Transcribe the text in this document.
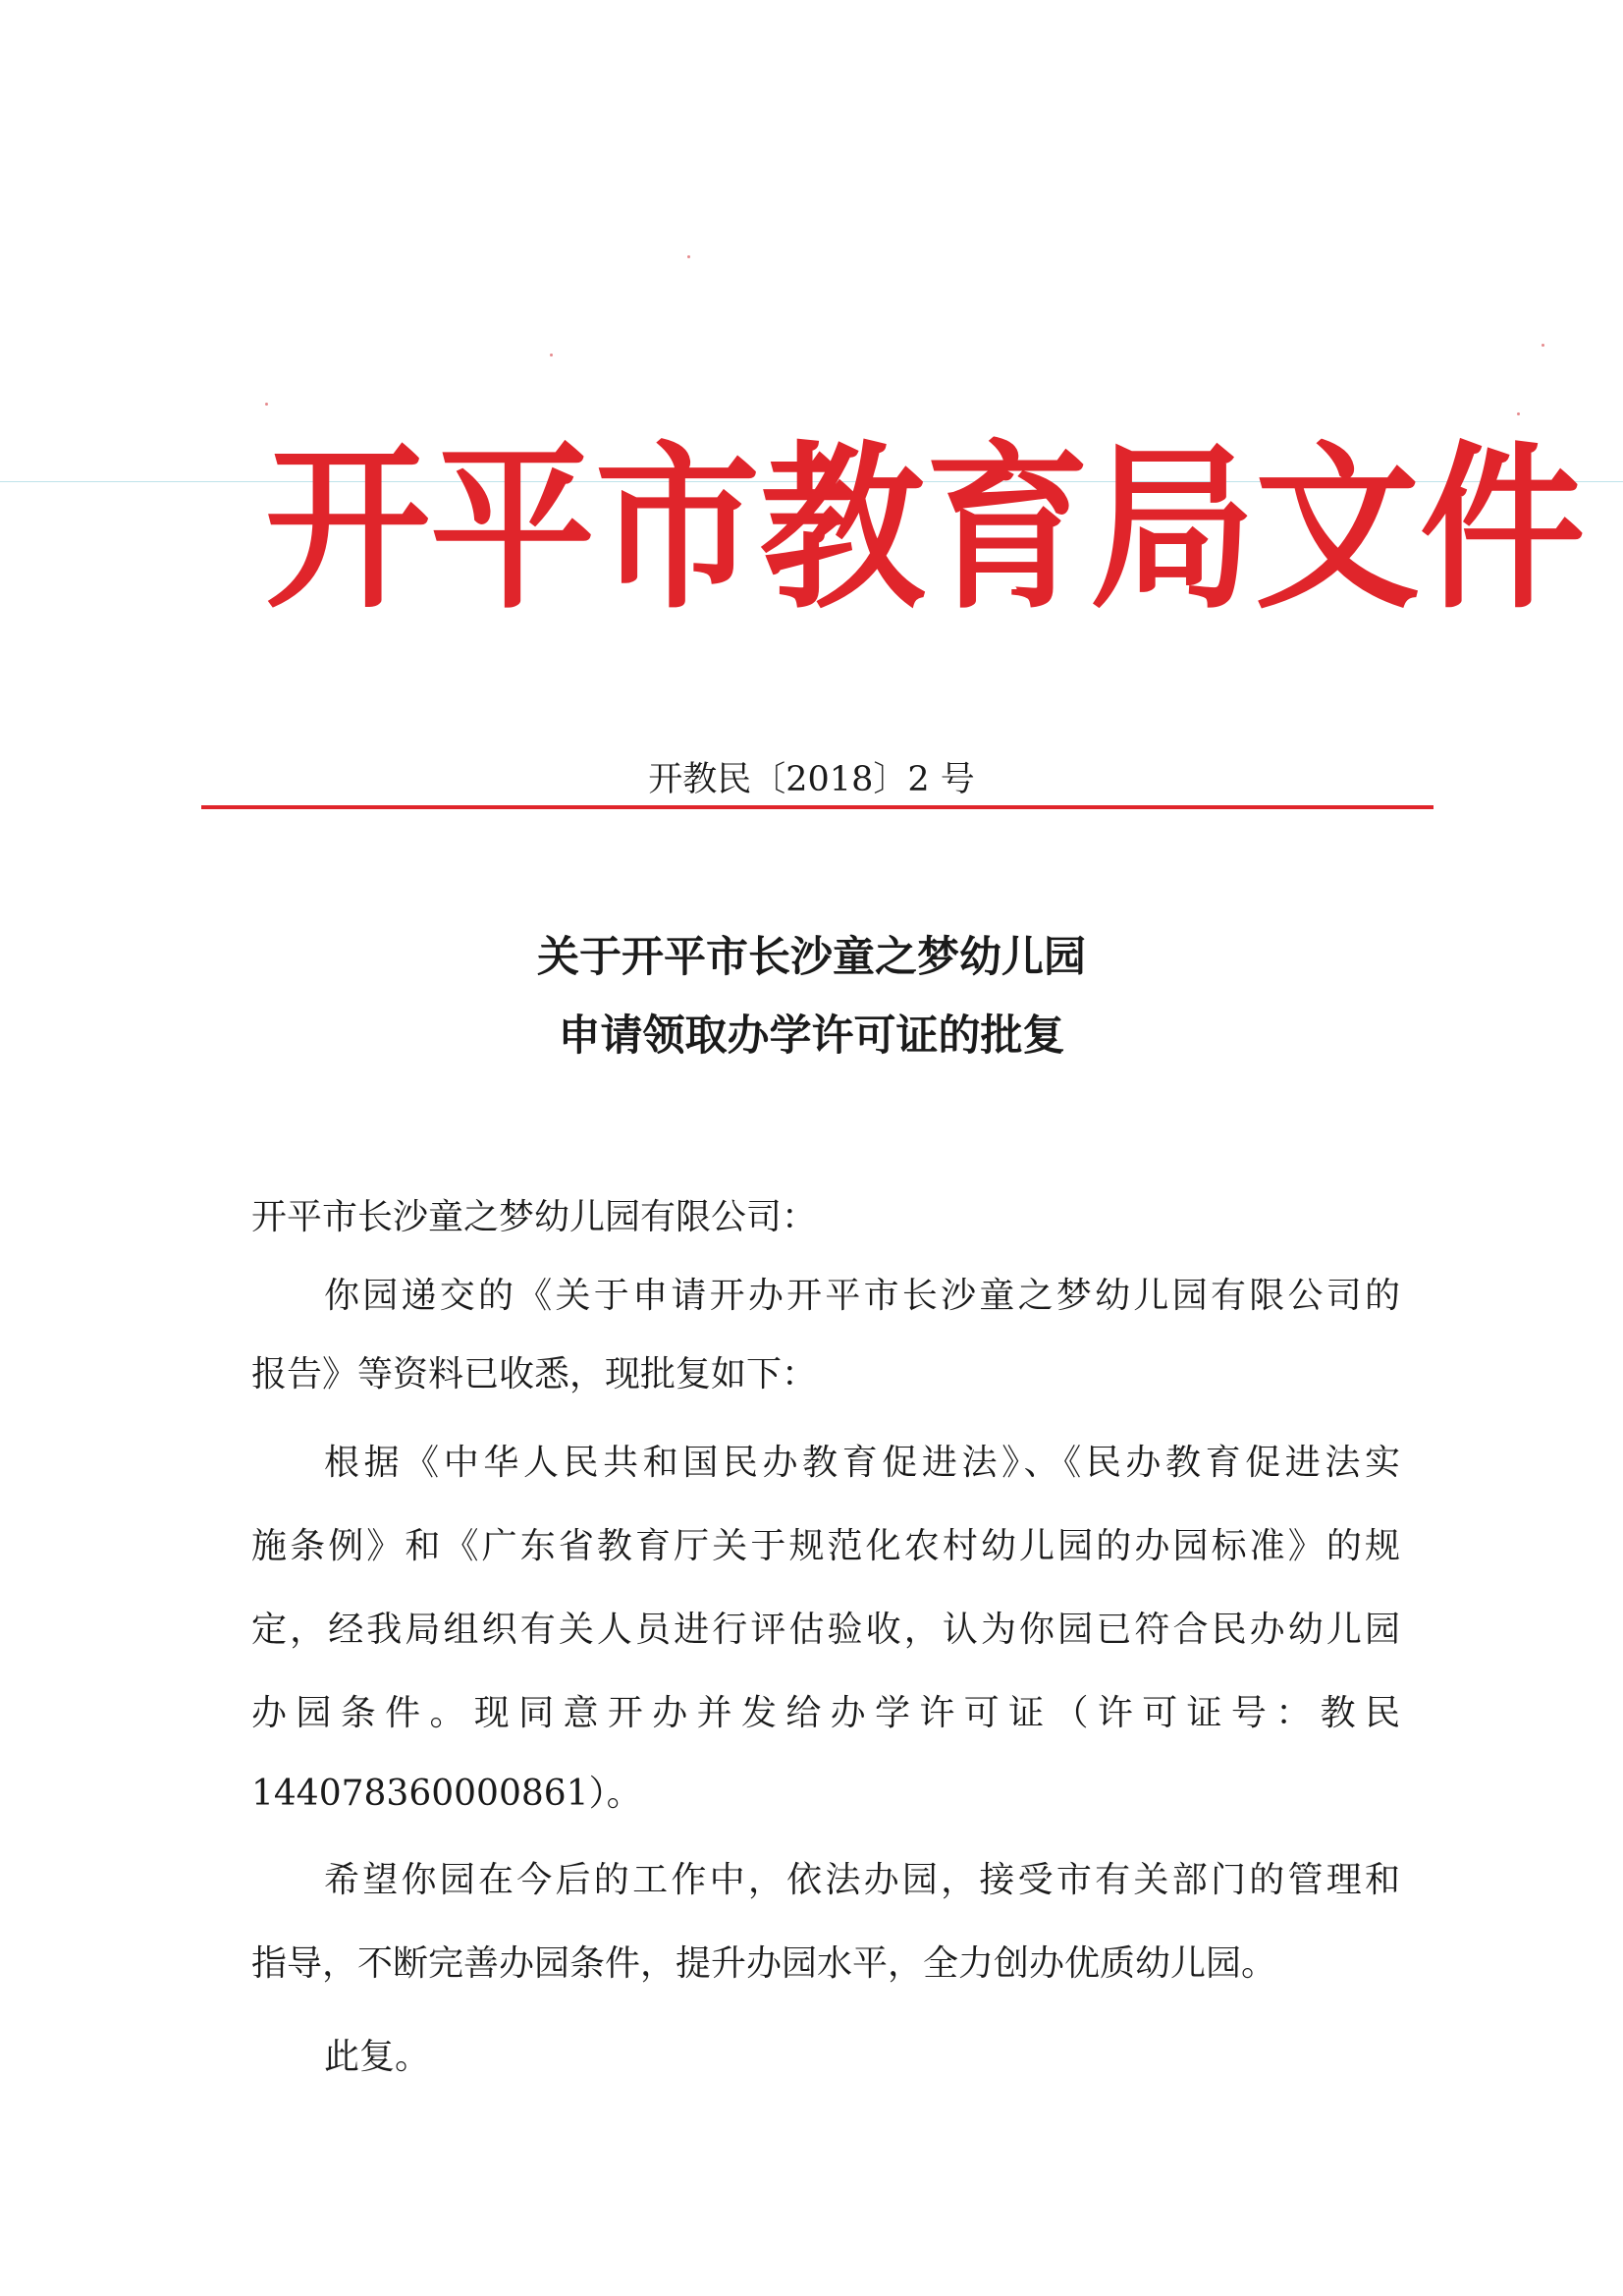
开平市教育局文件
开教民〔2018〕2 号
关于开平市长沙童之梦幼儿园
申请领取办学许可证的批复
开平市长沙童之梦幼儿园有限公司：
你园递交的《关于申请开办开平市长沙童之梦幼儿园有限公司的
报告》等资料已收悉，现批复如下：
根据《中华人民共和国民办教育促进法》、《民办教育促进法实
施条例》和《广东省教育厅关于规范化农村幼儿园的办园标准》的规
定，经我局组织有关人员进行评估验收，认为你园已符合民办幼儿园
办园条件。现同意开办并发给办学许可证（许可证号：教民
144078360000861）。
希望你园在今后的工作中，依法办园，接受市有关部门的管理和
指导，不断完善办园条件，提升办园水平，全力创办优质幼儿园。
此复。
